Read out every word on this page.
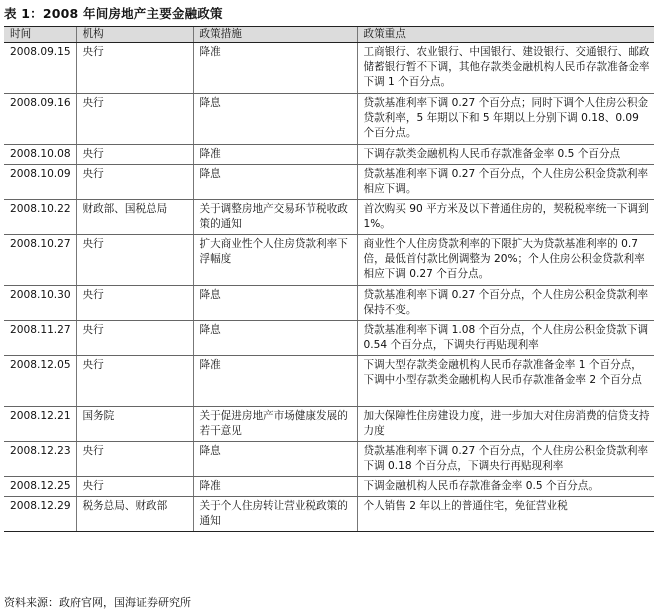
表 1：2008 年间房地产主要金融政策
时间	机构	政策措施	政策重点
2008.09.15	央行	降准	工商银行、农业银行、中国银行、建设银行、交通银行、邮政储蓄银行暂不下调，其他存款类金融机构人民币存款准备金率下调 1 个百分点。
2008.09.16	央行	降息	贷款基准利率下调 0.27 个百分点；同时下调个人住房公积金贷款利率，5 年期以下和 5 年期以上分别下调 0.18、0.09 个百分点。
2008.10.08	央行	降准	下调存款类金融机构人民币存款准备金率 0.5 个百分点
2008.10.09	央行	降息	贷款基准利率下调 0.27 个百分点，个人住房公积金贷款利率相应下调。
2008.10.22	财政部、国税总局	关于调整房地产交易环节税收政策的通知	首次购买 90 平方米及以下普通住房的，契税税率统一下调到 1%。
2008.10.27	央行	扩大商业性个人住房贷款利率下浮幅度	商业性个人住房贷款利率的下限扩大为贷款基准利率的 0.7 倍，最低首付款比例调整为 20%；个人住房公积金贷款利率相应下调 0.27 个百分点。
2008.10.30	央行	降息	贷款基准利率下调 0.27 个百分点，个人住房公积金贷款利率保持不变。
2008.11.27	央行	降息	贷款基准利率下调 1.08 个百分点，个人住房公积金贷款下调 0.54 个百分点，下调央行再贴现利率
2008.12.05	央行	降准	下调大型存款类金融机构人民币存款准备金率 1 个百分点，下调中小型存款类金融机构人民币存款准备金率 2 个百分点
2008.12.21	国务院	关于促进房地产市场健康发展的若干意见	加大保障性住房建设力度，进一步加大对住房消费的信贷支持力度
2008.12.23	央行	降息	贷款基准利率下调 0.27 个百分点，个人住房公积金贷款利率下调 0.18 个百分点，下调央行再贴现利率
2008.12.25	央行	降准	下调金融机构人民币存款准备金率 0.5 个百分点。
2008.12.29	税务总局、财政部	关于个人住房转让营业税政策的通知	个人销售 2 年以上的普通住宅，免征营业税
资料来源：政府官网，国海证券研究所
